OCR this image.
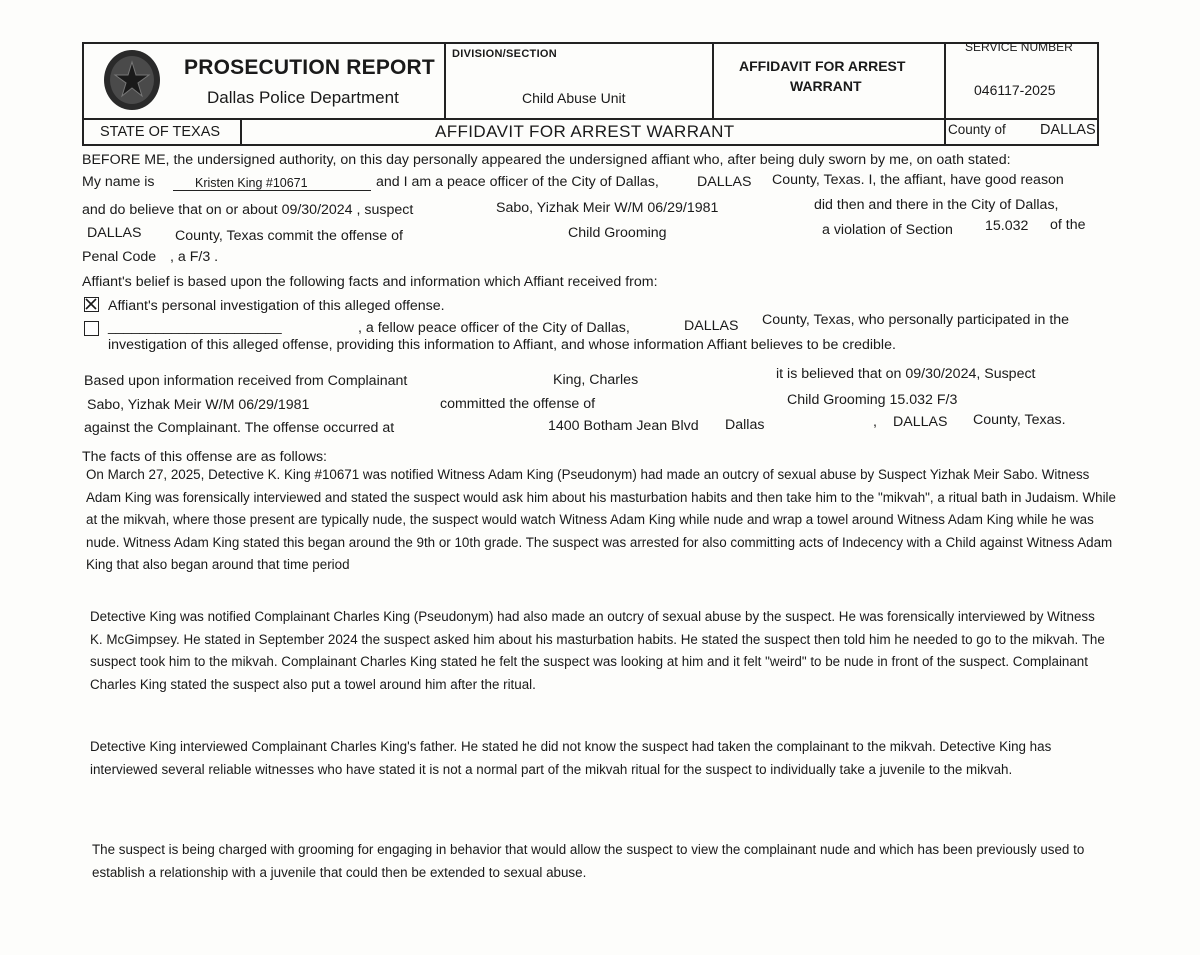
PROSECUTION REPORT
Dallas Police Department
DIVISION/SECTION
Child Abuse Unit
AFFIDAVIT FOR ARREST
WARRANT
SERVICE NUMBER
046117-2025
STATE OF TEXAS	AFFIDAVIT FOR ARREST WARRANT	County of DALLAS
BEFORE ME, the undersigned authority, on this day personally appeared the undersigned affiant who, after being duly sworn by me, on oath stated:
My name is	Kristen King #10671	and I am a peace officer of the City of Dallas,	DALLAS County, Texas. I, the affiant, have good reason
and do believe that on or about 09/30/2024 , suspect	Sabo, Yizhak Meir W/M 06/29/1981	did then and there in the City of Dallas,
DALLAS County, Texas commit the offense of	Child Grooming	a violation of Section 15.032 of the
Penal Code , a F/3 .
Affiant's belief is based upon the following facts and information which Affiant received from:
Affiant's personal investigation of this alleged offense.
______________________	, a fellow peace officer of the City of Dallas,	DALLAS County, Texas, who personally participated in the
investigation of this alleged offense, providing this information to Affiant, and whose information Affiant believes to be credible.
Based upon information received from Complainant	King, Charles	it is believed that on 09/30/2024, Suspect
Sabo, Yizhak Meir W/M 06/29/1981	committed the offense of	Child Grooming 15.032 F/3
against the Complainant. The offense occurred at	1400 Botham Jean Blvd Dallas	, DALLAS County, Texas.
The facts of this offense are as follows:
On March 27, 2025, Detective K. King #10671 was notified Witness Adam King (Pseudonym) had made an outcry of sexual abuse by Suspect Yizhak Meir Sabo. Witness Adam King was forensically interviewed and stated the suspect would ask him about his masturbation habits and then take him to the "mikvah", a ritual bath in Judaism. While at the mikvah, where those present are typically nude, the suspect would watch Witness Adam King while nude and wrap a towel around Witness Adam King while he was nude. Witness Adam King stated this began around the 9th or 10th grade. The suspect was arrested for also committing acts of Indecency with a Child against Witness Adam King that also began around that time period
Detective King was notified Complainant Charles King (Pseudonym) had also made an outcry of sexual abuse by the suspect. He was forensically interviewed by Witness K. McGimpsey. He stated in September 2024 the suspect asked him about his masturbation habits. He stated the suspect then told him he needed to go to the mikvah. The suspect took him to the mikvah. Complainant Charles King stated he felt the suspect was looking at him and it felt "weird" to be nude in front of the suspect. Complainant Charles King stated the suspect also put a towel around him after the ritual.
Detective King interviewed Complainant Charles King's father. He stated he did not know the suspect had taken the complainant to the mikvah. Detective King has interviewed several reliable witnesses who have stated it is not a normal part of the mikvah ritual for the suspect to individually take a juvenile to the mikvah.
The suspect is being charged with grooming for engaging in behavior that would allow the suspect to view the complainant nude and which has been previously used to establish a relationship with a juvenile that could then be extended to sexual abuse.
